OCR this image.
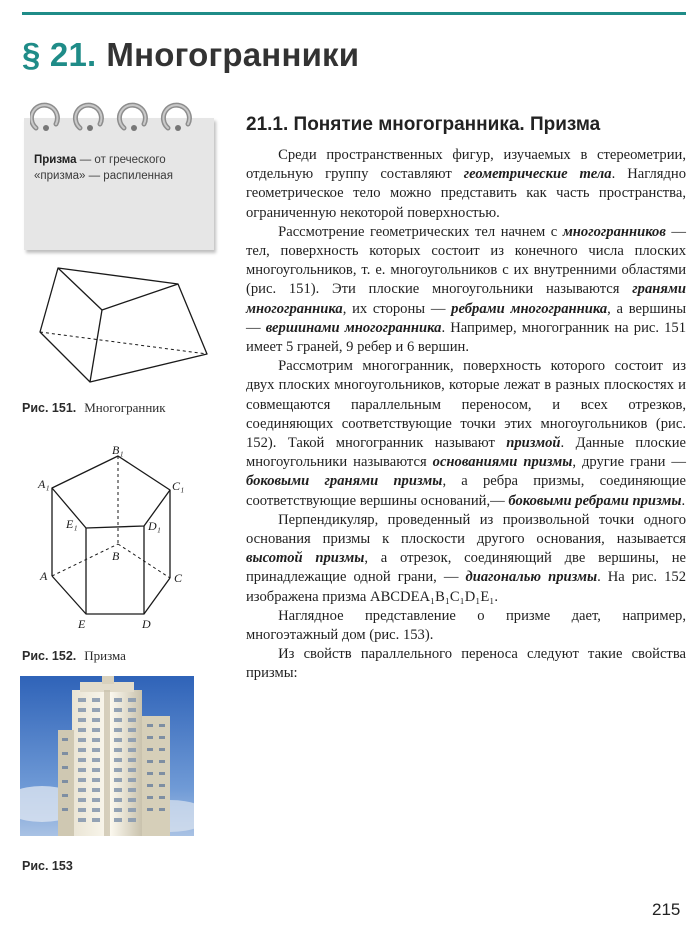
§ 21. Многогранники
Призма — от греческого «призма» — распиленная
Рис. 151. Многогранник
B₁
A₁	C₁
E₁	D₁
B
A	C
E	D
Рис. 152. Призма
Рис. 153
21.1. Понятие многогранника. Призма

Среди пространственных фигур, изучаемых в стереометрии, отдельную группу составляют геометрические тела. Наглядно геометрическое тело можно представить как часть пространства, ограниченную некоторой поверхностью.

Рассмотрение геометрических тел начнем с многогранников — тел, поверхность которых состоит из конечного числа плоских многоугольников, т. е. многоугольников с их внутренними областями (рис. 151). Эти плоские многоугольники называются гранями многогранника, их стороны — ребрами многогранника, а вершины — вершинами многогранника. Например, многогранник на рис. 151 имеет 5 граней, 9 ребер и 6 вершин.

Рассмотрим многогранник, поверхность которого состоит из двух плоских многоугольников, которые лежат в разных плоскостях и совмещаются параллельным переносом, и всех отрезков, соединяющих соответствующие точки этих многоугольников (рис. 152). Такой многогранник называют призмой. Данные плоские многоугольники называются основаниями призмы, другие грани — боковыми гранями призмы, а ребра призмы, соединяющие соответствующие вершины оснований,— боковыми ребрами призмы.

Перпендикуляр, проведенный из произвольной точки одного основания призмы к плоскости другого основания, называется высотой призмы, а отрезок, соединяющий две вершины, не принадлежащие одной грани, — диагональю призмы. На рис. 152 изображена призма ABCDEA₁B₁C₁D₁E₁.

Наглядное представление о призме дает, например, многоэтажный дом (рис. 153).

Из свойств параллельного переноса следуют такие свойства призмы:

215
